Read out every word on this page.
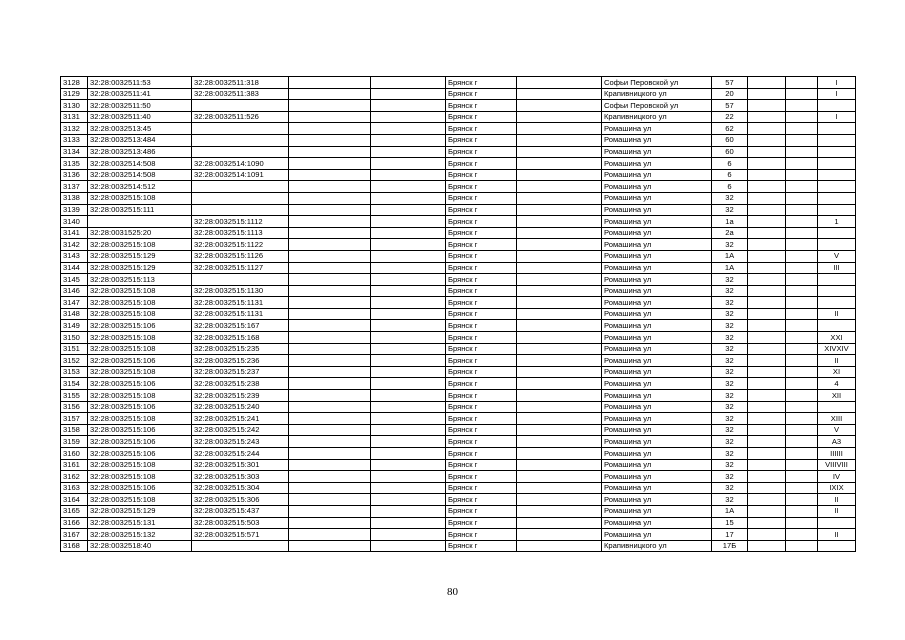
3128	32:28:0032511:53	32:28:0032511:318			Брянск г		Софьи Перовской ул	57			I
3129	32:28:0032511:41	32:28:0032511:383			Брянск г		Крапивницкого ул	20			I
3130	32:28:0032511:50				Брянск г		Софьи Перовской ул	57			
3131	32:28:0032511:40	32:28:0032511:526			Брянск г		Крапивницкого ул	22			I
3132	32:28:0032513:45				Брянск г		Ромашина ул	62			
3133	32:28:0032513:484				Брянск г		Ромашина ул	60			
3134	32:28:0032513:486				Брянск г		Ромашина ул	60			
3135	32:28:0032514:508	32:28:0032514:1090			Брянск г		Ромашина ул	6			
3136	32:28:0032514:508	32:28:0032514:1091			Брянск г		Ромашина ул	6			
3137	32:28:0032514:512				Брянск г		Ромашина ул	6			
3138	32:28:0032515:108				Брянск г		Ромашина ул	32			
3139	32:28:0032515:111				Брянск г		Ромашина ул	32			
3140		32:28:0032515:1112			Брянск г		Ромашина ул	1а			1
3141	32:28:0031525:20	32:28:0032515:1113			Брянск г		Ромашина ул	2а			
3142	32:28:0032515:108	32:28:0032515:1122			Брянск г		Ромашина ул	32			
3143	32:28:0032515:129	32:28:0032515:1126			Брянск г		Ромашина ул	1А			V
3144	32:28:0032515:129	32:28:0032515:1127			Брянск г		Ромашина ул	1А			III
3145	32:28:0032515:113				Брянск г		Ромашина ул	32			
3146	32:28:0032515:108	32:28:0032515:1130			Брянск г		Ромашина ул	32			
3147	32:28:0032515:108	32:28:0032515:1131			Брянск г		Ромашина ул	32			
3148	32:28:0032515:108	32:28:0032515:1131			Брянск г		Ромашина ул	32			II
3149	32:28:0032515:106	32:28:0032515:167			Брянск г		Ромашина ул	32			
3150	32:28:0032515:108	32:28:0032515:168			Брянск г		Ромашина ул	32			XXI
3151	32:28:0032515:108	32:28:0032515:235			Брянск г		Ромашина ул	32			XIVXIV
3152	32:28:0032515:106	32:28:0032515:236			Брянск г		Ромашина ул	32			II
3153	32:28:0032515:108	32:28:0032515:237			Брянск г		Ромашина ул	32			XI
3154	32:28:0032515:106	32:28:0032515:238			Брянск г		Ромашина ул	32			4
3155	32:28:0032515:108	32:28:0032515:239			Брянск г		Ромашина ул	32			XII
3156	32:28:0032515:106	32:28:0032515:240			Брянск г		Ромашина ул	32			
3157	32:28:0032515:108	32:28:0032515:241			Брянск г		Ромашина ул	32			XIII
3158	32:28:0032515:106	32:28:0032515:242			Брянск г		Ромашина ул	32			V
3159	32:28:0032515:106	32:28:0032515:243			Брянск г		Ромашина ул	32			А3
3160	32:28:0032515:106	32:28:0032515:244			Брянск г		Ромашина ул	32			IIIIII
3161	32:28:0032515:108	32:28:0032515:301			Брянск г		Ромашина ул	32			VIIIVIII
3162	32:28:0032515:108	32:28:0032515:303			Брянск г		Ромашина ул	32			IV
3163	32:28:0032515:106	32:28:0032515:304			Брянск г		Ромашина ул	32			IXIX
3164	32:28:0032515:108	32:28:0032515:306			Брянск г		Ромашина ул	32			II
3165	32:28:0032515:129	32:28:0032515:437			Брянск г		Ромашина ул	1А			II
3166	32:28:0032515:131	32:28:0032515:503			Брянск г		Ромашина ул	15			
3167	32:28:0032515:132	32:28:0032515:571			Брянск г		Ромашина ул	17			II
3168	32:28:0032518:40				Брянск г		Крапивницкого ул	17Б			
80
